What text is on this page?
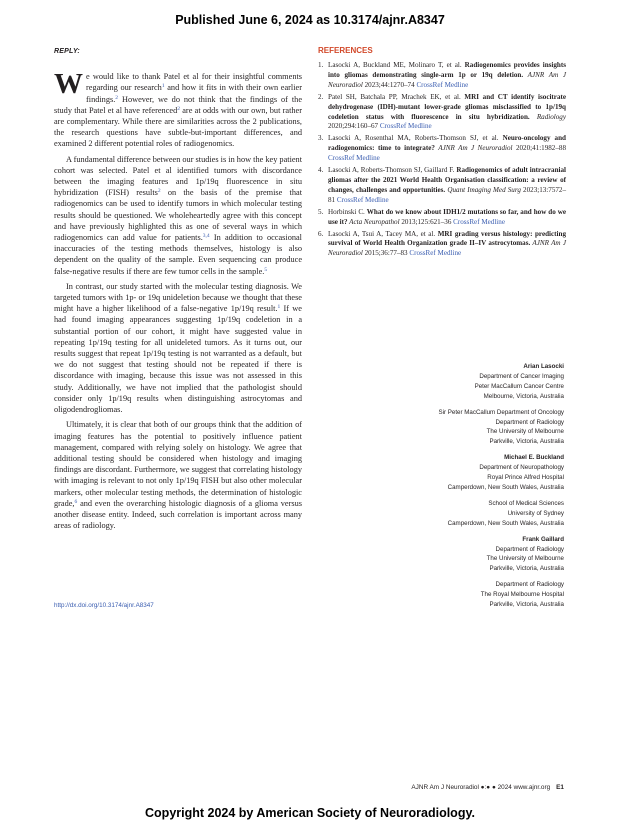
Published June 6, 2024 as 10.3174/ajnr.A8347
REPLY:

We would like to thank Patel et al for their insightful comments regarding our research$^1$ and how it fits in with their own earlier findings.$^2$ However, we do not think that the findings of the study that Patel et al have referenced$^2$ are at odds with our own, but rather are complementary. While there are similarities across the 2 publications, the research questions have subtle-but-important differences, and examined 2 different potential roles of radiogenomics.

A fundamental difference between our studies is in how the key patient cohort was selected. Patel et al identified tumors with discordance between the imaging features and 1p/19q fluorescence in situ hybridization (FISH) results$^2$ on the basis of the premise that radiogenomics can be used to identify tumors in which molecular testing results should be questioned. We wholeheartedly agree with this concept and have previously highlighted this as one of several ways in which radiogenomics can add value for patients.$^{3,4}$ In addition to occasional inaccuracies of the testing methods themselves, histology is also dependent on the quality of the sample. Even sequencing can produce false-negative results if there are few tumor cells in the sample.$^5$

In contrast, our study started with the molecular testing diagnosis. We targeted tumors with 1p- or 19q unideletion because we thought that these might have a higher likelihood of a false-negative 1p/19q result.$^1$ If we had found imaging appearances suggesting 1p/19q codeletion in a substantial portion of our cohort, it might have suggested value in repeating 1p/19q testing for all unideleted tumors. As it turns out, our results suggest that repeat 1p/19q testing is not warranted as a default, but we do not suggest that testing should not be repeated if there is discordance with imaging, because this issue was not assessed in this study. Additionally, we have not implied that the pathologist should consider only 1p/19q results when distinguishing astrocytomas and oligodendrogliomas.

Ultimately, it is clear that both of our groups think that the addition of imaging features has the potential to positively influence patient management, compared with relying solely on histology. We agree that additional testing should be considered when histology and imaging findings are discordant. Furthermore, we suggest that correlating histology with imaging is relevant to not only 1p/19q FISH but also other molecular markers, other molecular testing methods, the determination of histologic grade,$^6$ and even the overarching histologic diagnosis of a glioma versus another disease entity. Indeed, such correlation is important across many areas of radiology.

http://dx.doi.org/10.3174/ajnr.A8347
REFERENCES
1. Lasocki A, Buckland ME, Molinaro T, et al. Radiogenomics provides insights into gliomas demonstrating single-arm 1p or 19q deletion. AJNR Am J Neuroradiol 2023;44:1270–74 CrossRef Medline
2. Patel SH, Batchala PP, Mrachek EK, et al. MRI and CT identify isocitrate dehydrogenase (IDH)-mutant lower-grade gliomas misclassified to 1p/19q codeletion status with fluorescence in situ hybridization. Radiology 2020;294:160–67 CrossRef Medline
3. Lasocki A, Rosenthal MA, Roberts-Thomson SJ, et al. Neuro-oncology and radiogenomics: time to integrate? AJNR Am J Neuroradiol 2020;41:1982–88 CrossRef Medline
4. Lasocki A, Roberts-Thomson SJ, Gaillard F. Radiogenomics of adult intracranial gliomas after the 2021 World Health Organisation classification: a review of changes, challenges and opportunities. Quant Imaging Med Surg 2023;13:7572–81 CrossRef Medline
5. Horbinski C. What do we know about IDH1/2 mutations so far, and how do we use it? Acta Neuropathol 2013;125:621–36 CrossRef Medline
6. Lasocki A, Tsui A, Tacey MA, et al. MRI grading versus histology: predicting survival of World Health Organization grade II–IV astrocytomas. AJNR Am J Neuroradiol 2015;36:77–83 CrossRef Medline
Arian Lasocki
Department of Cancer Imaging
Peter MacCallum Cancer Centre
Melbourne, Victoria, Australia
Sir Peter MacCallum Department of Oncology
Department of Radiology
The University of Melbourne
Parkville, Victoria, Australia
Michael E. Buckland
Department of Neuropathology
Royal Prince Alfred Hospital
Camperdown, New South Wales, Australia
School of Medical Sciences
University of Sydney
Camperdown, New South Wales, Australia
Frank Gaillard
Department of Radiology
The University of Melbourne
Parkville, Victoria, Australia
Department of Radiology
The Royal Melbourne Hospital
Parkville, Victoria, Australia
AJNR Am J Neuroradiol ●:● ● 2024 www.ajnr.org E1
Copyright 2024 by American Society of Neuroradiology.
